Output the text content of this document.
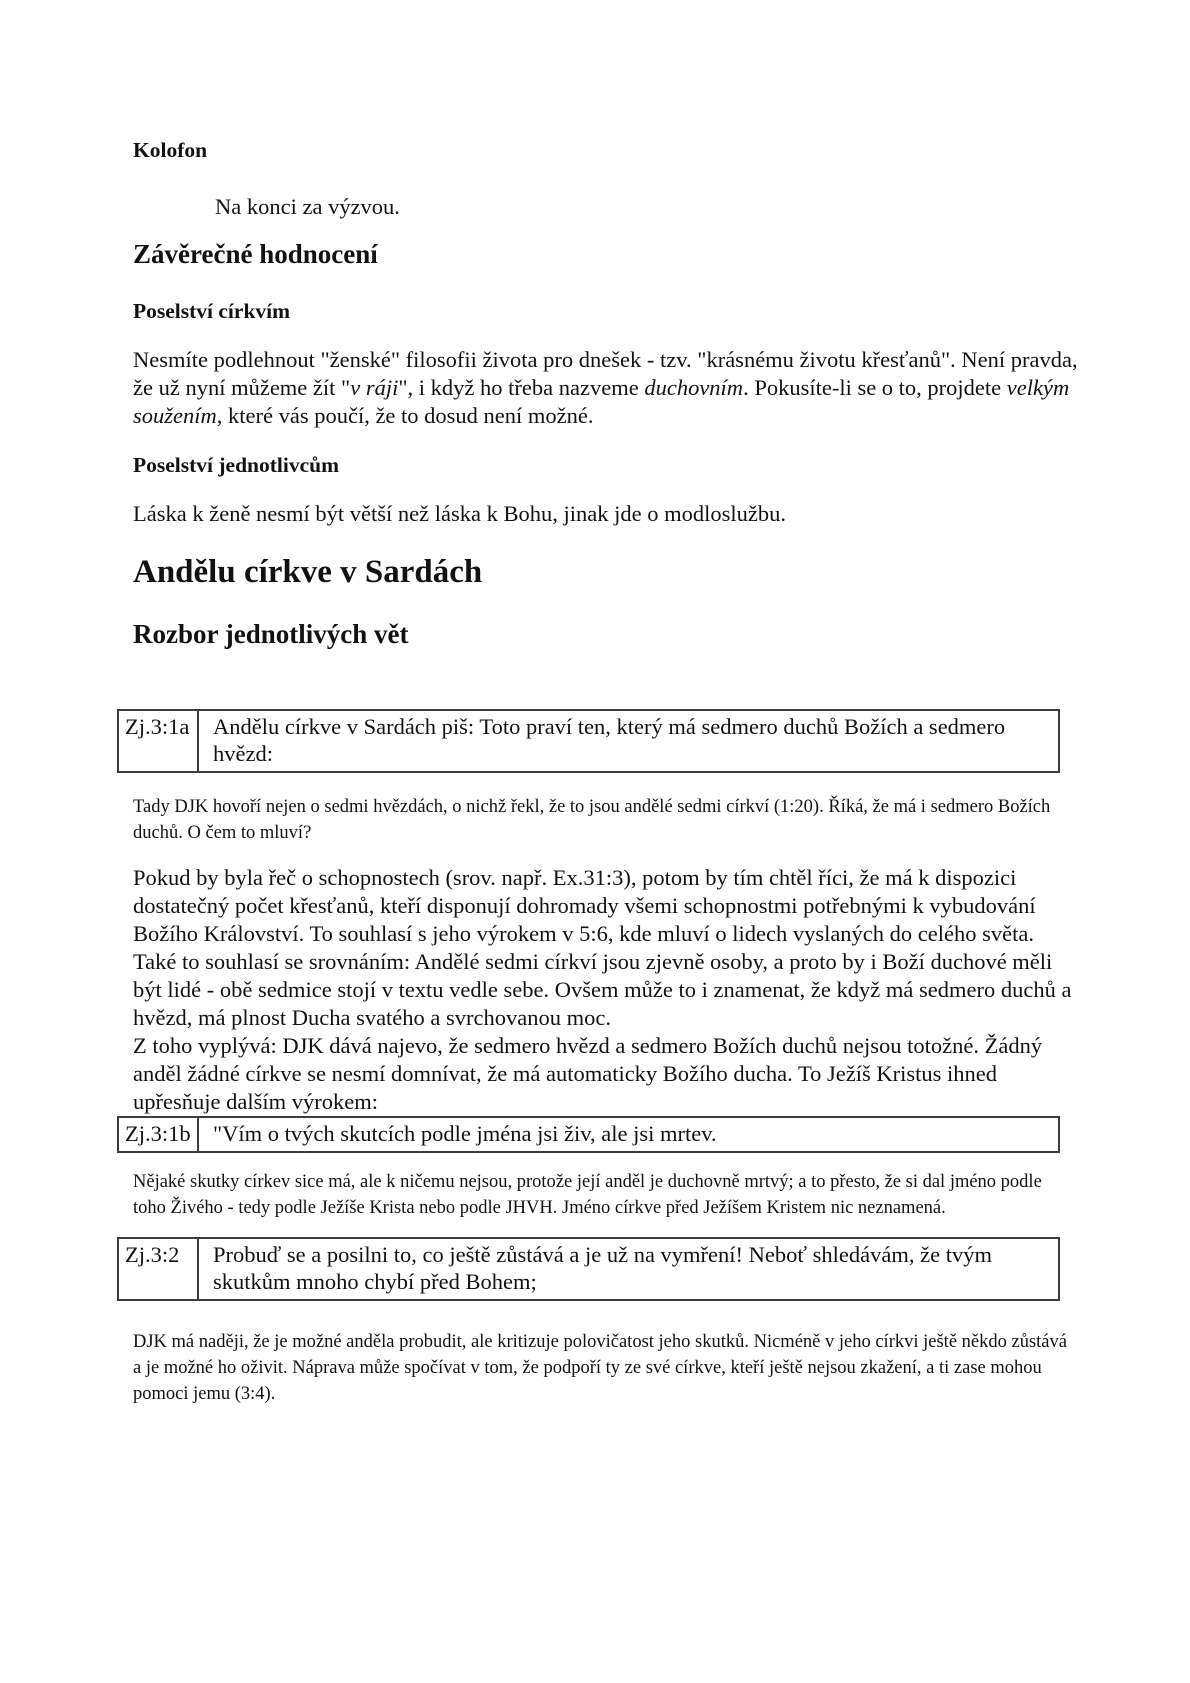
Kolofon
Na konci za výzvou.
Závěrečné hodnocení
Poselství církvím
Nesmíte podlehnout "ženské" filosofii života pro dnešek - tzv. "krásnému životu křesťanů". Není pravda, že už nyní můžeme žít "v ráji", i když ho třeba nazveme duchovním. Pokusíte-li se o to, projdete velkým soužením, které vás poučí, že to dosud není možné.
Poselství jednotlivcům
Láska k ženě nesmí být větší než láska k Bohu, jinak jde o modloslužbu.
Andělu církve v Sardách
Rozbor jednotlivých vět
Zj.3:1a	Andělu církve v Sardách piš: Toto praví ten, který má sedmero duchů Božích a sedmero hvězd:
Tady DJK hovoří nejen o sedmi hvězdách, o nichž řekl, že to jsou andělé sedmi církví (1:20). Říká, že má i sedmero Božích duchů. O čem to mluví?
Pokud by byla řeč o schopnostech (srov. např. Ex.31:3), potom by tím chtěl říci, že má k dispozici dostatečný počet křesťanů, kteří disponují dohromady všemi schopnostmi potřebnými k vybudování Božího Království. To souhlasí s jeho výrokem v 5:6, kde mluví o lidech vyslaných do celého světa. Také to souhlasí se srovnáním: Andělé sedmi církví jsou zjevně osoby, a proto by i Boží duchové měli být lidé - obě sedmice stojí v textu vedle sebe. Ovšem může to i znamenat, že když má sedmero duchů a hvězd, má plnost Ducha svatého a svrchovanou moc.
Z toho vyplývá: DJK dává najevo, že sedmero hvězd a sedmero Božích duchů nejsou totožné. Žádný anděl žádné církve se nesmí domnívat, že má automaticky Božího ducha. To Ježíš Kristus ihned upřesňuje dalším výrokem:
Zj.3:1b "Vím o tvých skutcích podle jména jsi živ, ale jsi mrtev.
Nějaké skutky církev sice má, ale k ničemu nejsou, protože její anděl je duchovně mrtvý; a to přesto, že si dal jméno podle toho Živého - tedy podle Ježíše Krista nebo podle JHVH. Jméno církve před Ježíšem Kristem nic neznamená.
Zj.3:2	Probuď se a posilni to, co ještě zůstává a je už na vymření! Neboť shledávám, že tvým skutkům mnoho chybí před Bohem;
DJK má naději, že je možné anděla probudit, ale kritizuje polovičatost jeho skutků. Nicméně v jeho církvi ještě někdo zůstává a je možné ho oživit. Náprava může spočívat v tom, že podpoří ty ze své církve, kteří ještě nejsou zkažení, a ti zase mohou pomoci jemu (3:4).
